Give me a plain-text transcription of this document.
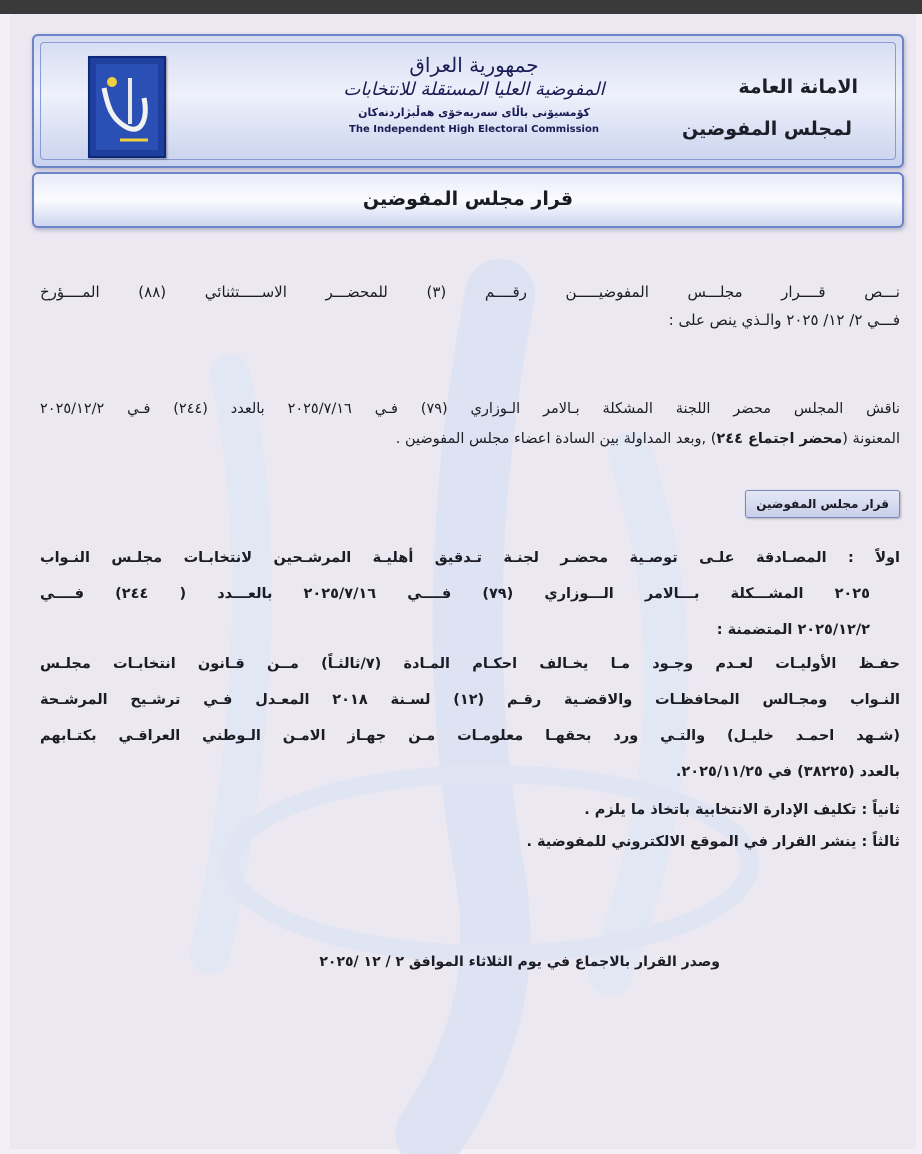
جمهورية العراق
المفوضية العليا المستقلة للانتخابات
كۆمسیۆنی باڵای سەربەخۆی هەڵبژاردنەکان
The Independent High Electoral Commission
الامانة العامة
لمجلس المفوضين
قرار مجلس المفوضين
نـــص قــــرار مجلـــس المفوضيـــــن رقــــم (٣) للمحضـــر الاســـــتثنائي (٨٨) المــــؤرخ
فـــي ٢/ ١٢/ ٢٠٢٥ والـذي ينص على :
ناقش المجلس محضر اللجنة المشكلة بـالامر الـوزاري (٧٩) فـي ٢٠٢٥/٧/١٦ بالعدد (٢٤٤) فـي ٢٠٢٥/١٢/٢
المعنونة (محضر اجتماع ٢٤٤) ,وبعد المداولة بين السادة اعضاء مجلس المفوضين .
قرار مجلس المفوضين
اولاً : المصـادقة علـى توصـية محضـر لجنـة تـدقيق أهليـة المرشـحين لانتخابـات مجلـس النـواب
٢٠٢٥ المشـــكلة بـــالامر الـــوزاري (٧٩) فــــي ٢٠٢٥/٧/١٦ بالعـــدد ( ٢٤٤) فــــي
٢٠٢٥/١٢/٢ المتضمنة :
حفـظ الأوليـات لعـدم وجـود مـا يخـالف احكـام المـادة (٧/ثالثـاً) مــن قـانون انتخابـات مجلـس
النـواب ومجـالس المحافظـات والاقضـية رقـم (١٢) لسـنة ٢٠١٨ المعـدل فـي ترشـيح المرشـحة
(شـهد احمـد خليـل) والتـي ورد بحقهـا معلومـات مـن جهـاز الامـن الـوطني العراقـي بكتـابهم
بالعدد (٣٨٢٢٥) في ٢٠٢٥/١١/٢٥.
ثانياً : تكليف الإدارة الانتخابية باتخاذ ما يلزم .
ثالثاً : ينشر القرار في الموقع الالكتروني للمفوضية .
وصدر القرار بالاجماع في يوم الثلاثاء الموافق ٢ / ١٢ /٢٠٢٥
